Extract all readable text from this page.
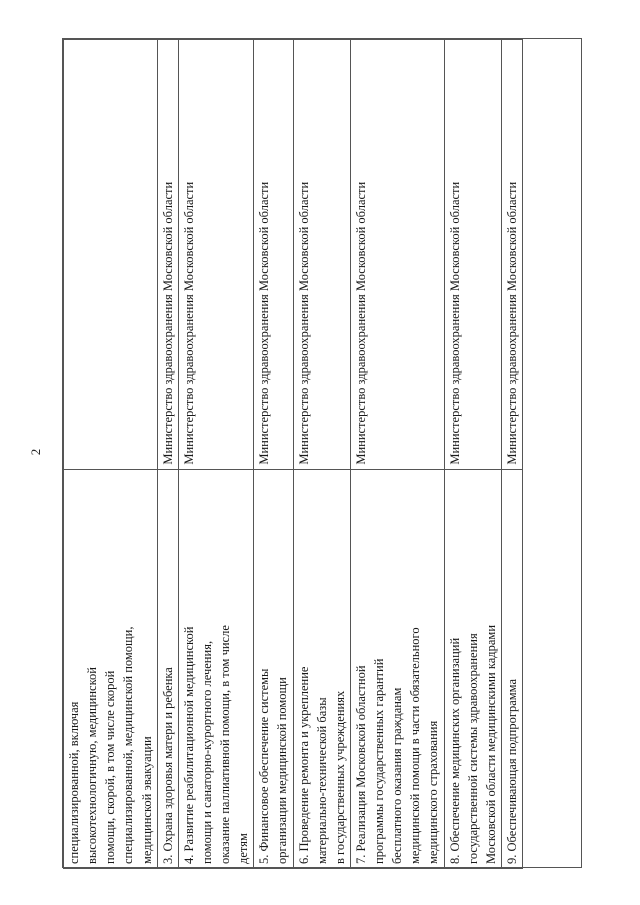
2
специализированной, включая высокотехнологичную, медицинской помощи, скорой, в том числе скорой специализированной, медицинской помощи, медицинской эвакуации	

3. Охрана здоровья матери и ребенка	Министерство здравоохранения Московской области

4. Развитие реабилитационной медицинской помощи и санаторно-курортного лечения, оказание паллиативной помощи, в том числе детям	Министерство здравоохранения Московской области

5. Финансовое обеспечение системы организации медицинской помощи	Министерство здравоохранения Московской области

6. Проведение ремонта и укрепление материально-технической базы в государственных учреждениях	Министерство здравоохранения Московской области

7. Реализация Московской областной программы государственных гарантий бесплатного оказания гражданам медицинской помощи в части обязательного медицинского страхования	Министерство здравоохранения Московской области

8. Обеспечение медицинских организаций государственной системы здравоохранения Московской области медицинскими кадрами	Министерство здравоохранения Московской области

9. Обеспечивающая подпрограмма	Министерство здравоохранения Московской области
